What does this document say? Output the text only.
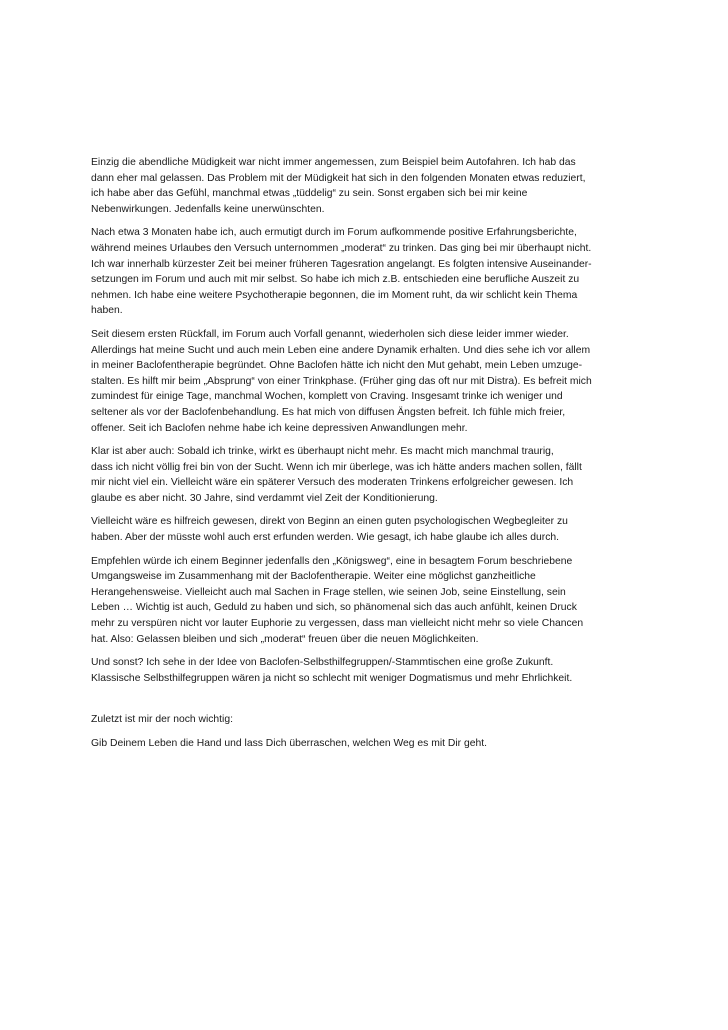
Einzig die abendliche Müdigkeit war nicht immer angemessen, zum Beispiel beim Autofahren. Ich hab das
dann eher mal gelassen. Das Problem mit der Müdigkeit hat sich in den folgenden Monaten etwas reduziert,
ich habe aber das Gefühl, manchmal etwas „tüddelig“ zu sein. Sonst ergaben sich bei mir keine
Nebenwirkungen. Jedenfalls keine unerwünschten.
Nach etwa 3 Monaten habe ich, auch ermutigt durch im Forum aufkommende positive Erfahrungsberichte,
während meines Urlaubes den Versuch unternommen „moderat“ zu trinken. Das ging bei mir überhaupt nicht.
Ich war innerhalb kürzester Zeit bei meiner früheren Tagesration angelangt. Es folgten intensive Auseinander-
setzungen im Forum und auch mit mir selbst. So habe ich mich z.B. entschieden eine berufliche Auszeit zu
nehmen. Ich habe eine weitere Psychotherapie begonnen, die im Moment ruht, da wir schlicht kein Thema
haben.
Seit diesem ersten Rückfall, im Forum auch Vorfall genannt, wiederholen sich diese leider immer wieder.
Allerdings hat meine Sucht und auch mein Leben eine andere Dynamik erhalten. Und dies sehe ich vor allem
in meiner Baclofentherapie begründet. Ohne Baclofen hätte ich nicht den Mut gehabt, mein Leben umzuge-
stalten. Es hilft mir beim „Absprung“ von einer Trinkphase. (Früher ging das oft nur mit Distra). Es befreit mich
zumindest für einige Tage, manchmal Wochen, komplett von Craving. Insgesamt trinke ich weniger und
seltener als vor der Baclofenbehandlung. Es hat mich von diffusen Ängsten befreit. Ich fühle mich freier,
offener. Seit ich Baclofen nehme habe ich keine depressiven Anwandlungen mehr.
Klar ist aber auch: Sobald ich trinke, wirkt es überhaupt nicht mehr. Es macht mich manchmal traurig,
dass ich nicht völlig frei bin von der Sucht. Wenn ich mir überlege, was ich hätte anders machen sollen, fällt
mir nicht viel ein. Vielleicht wäre ein späterer Versuch des moderaten Trinkens erfolgreicher gewesen. Ich
glaube es aber nicht. 30 Jahre, sind verdammt viel Zeit der Konditionierung.
Vielleicht wäre es hilfreich gewesen, direkt von Beginn an einen guten psychologischen Wegbegleiter zu
haben. Aber der müsste wohl auch erst erfunden werden. Wie gesagt, ich habe glaube ich alles durch.
Empfehlen würde ich einem Beginner jedenfalls den „Königsweg“, eine in besagtem Forum beschriebene
Umgangsweise im Zusammenhang mit der Baclofentherapie. Weiter eine möglichst ganzheitliche
Herangehensweise. Vielleicht auch mal Sachen in Frage stellen, wie seinen Job, seine Einstellung, sein
Leben … Wichtig ist auch, Geduld zu haben und sich, so phänomenal sich das auch anfühlt, keinen Druck
mehr zu verspüren nicht vor lauter Euphorie zu vergessen, dass man vielleicht nicht mehr so viele Chancen
hat. Also: Gelassen bleiben und sich „moderat“ freuen über die neuen Möglichkeiten.
Und sonst? Ich sehe in der Idee von Baclofen-Selbsthilfegruppen/-Stammtischen eine große Zukunft.
Klassische Selbsthilfegruppen wären ja nicht so schlecht mit weniger Dogmatismus und mehr Ehrlichkeit.
Zuletzt ist mir der noch wichtig:
Gib Deinem Leben die Hand und lass Dich überraschen, welchen Weg es mit Dir geht.
